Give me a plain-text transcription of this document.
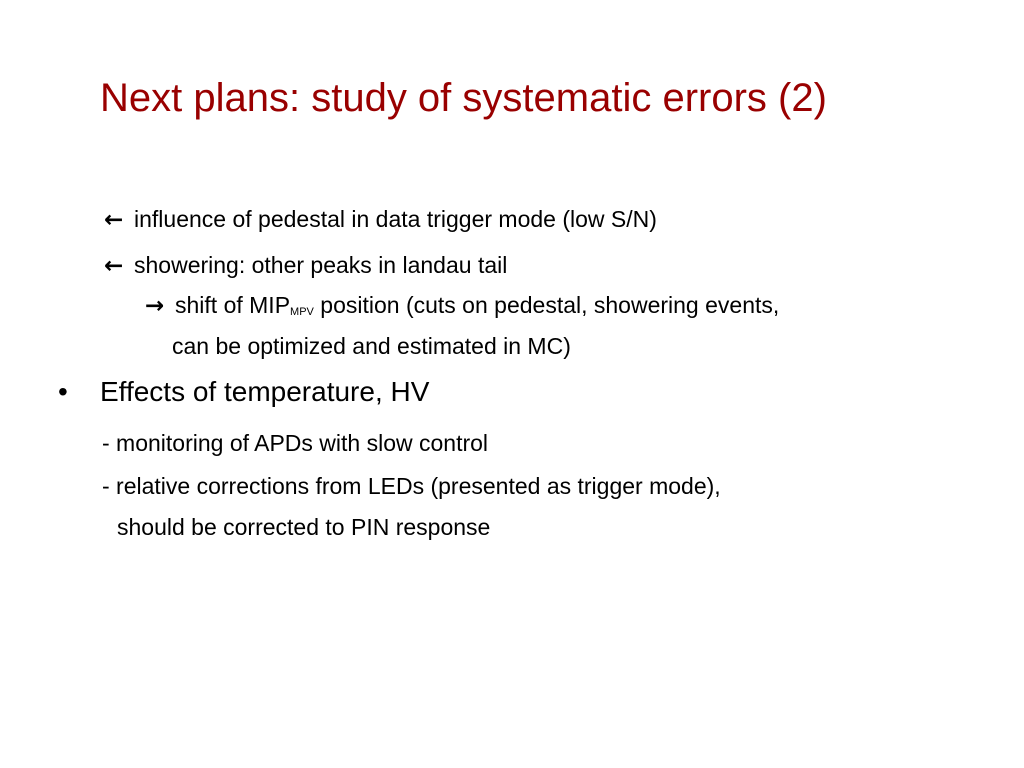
Next plans: study of systematic errors (2)
← influence of pedestal in data trigger mode (low S/N)
← showering: other peaks in landau tail
→ shift of MIPMPV position (cuts on pedestal, showering events,
can be optimized and estimated in MC)
• Effects of temperature, HV
- monitoring of APDs with slow control
- relative corrections from LEDs (presented as trigger mode),
should be corrected to PIN response
